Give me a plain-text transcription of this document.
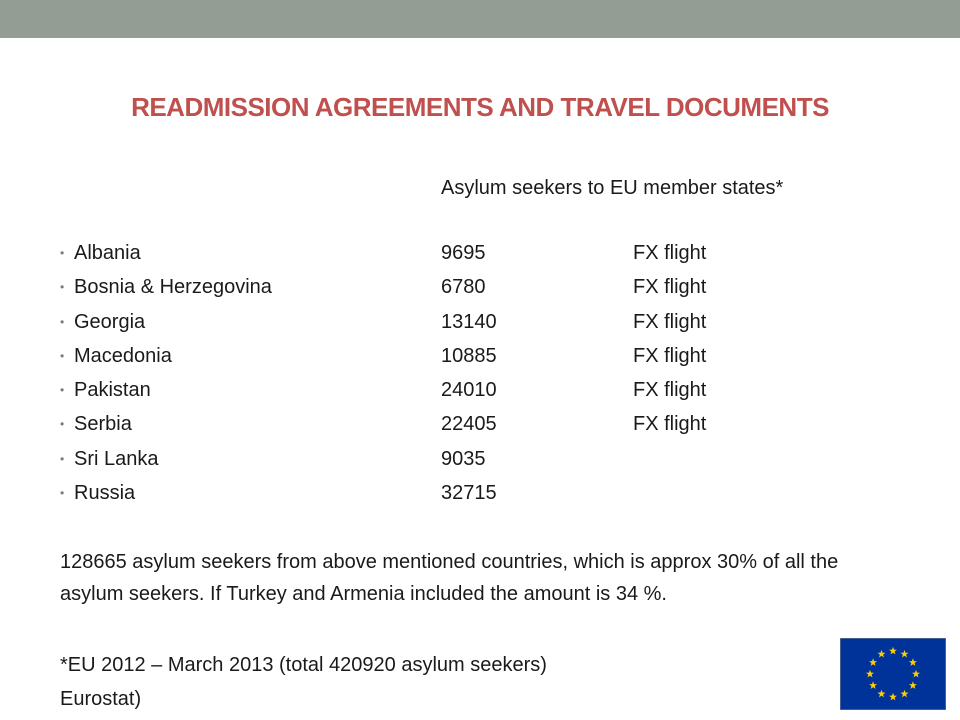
READMISSION AGREEMENTS AND TRAVEL DOCUMENTS
Asylum seekers to EU member states*
• Albania	9695	FX flight
• Bosnia & Herzegovina	6780	FX flight
• Georgia	13140	FX flight
• Macedonia	10885	FX flight
• Pakistan	24010	FX flight
• Serbia	22405	FX flight
• Sri Lanka	9035
• Russia	32715
128665 asylum seekers from above mentioned countries, which is approx 30% of all the asylum seekers. If Turkey and Armenia included the amount is 34 %.
*EU 2012 – March 2013 (total 420920 asylum seekers)
Eurostat)
